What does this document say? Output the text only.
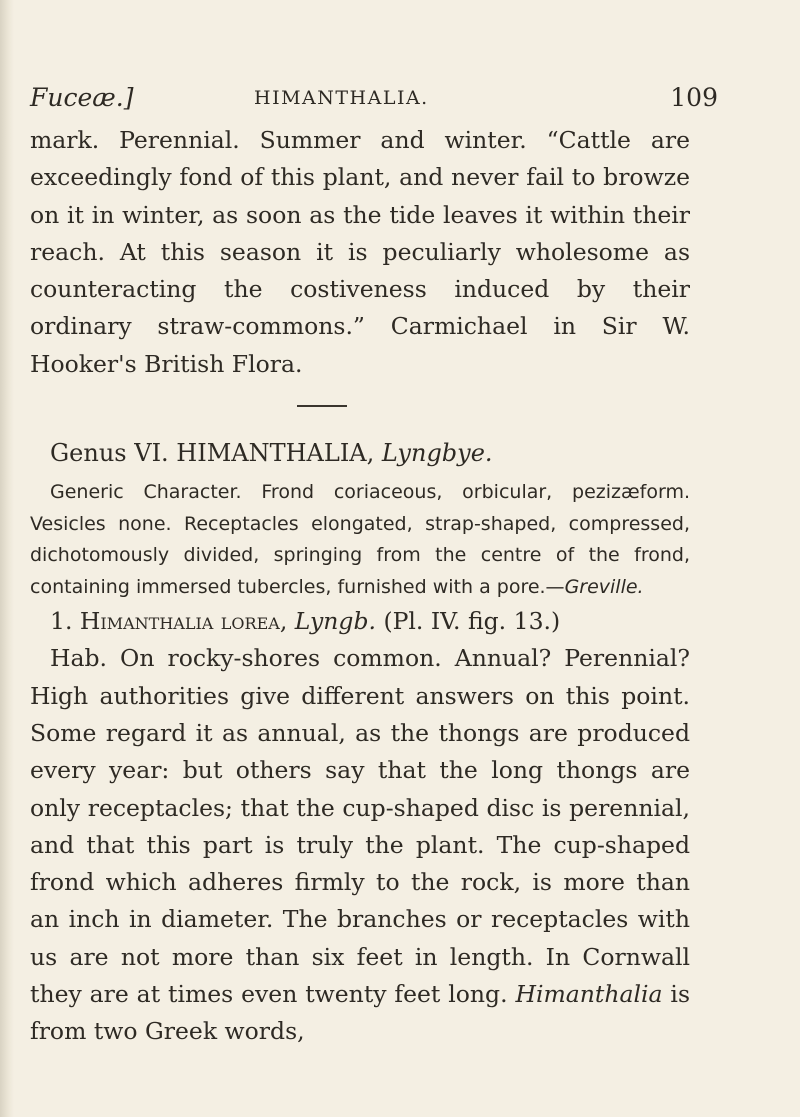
Fuceæ.]	HIMANTHALIA.	109

mark. Perennial. Summer and winter. “Cattle are exceedingly fond of this plant, and never fail to browze on it in winter, as soon as the tide leaves it within their reach. At this season it is peculiarly wholesome as counteracting the costiveness induced by their ordinary straw-commons.” Carmichael in Sir W. Hooker's British Flora.

Genus VI. HIMANTHALIA, Lyngbye.

Generic Character. Frond coriaceous, orbicular, pezizæform. Vesicles none. Receptacles elongated, strap-shaped, compressed, dichotomously divided, springing from the centre of the frond, containing immersed tubercles, furnished with a pore.—Greville.

1. Himanthalia lorea, Lyngb. (Pl. IV. fig. 13.)

Hab. On rocky-shores common. Annual? Perennial? High authorities give different answers on this point. Some regard it as annual, as the thongs are produced every year: but others say that the long thongs are only receptacles; that the cup-shaped disc is perennial, and that this part is truly the plant. The cup-shaped frond which adheres firmly to the rock, is more than an inch in diameter. The branches or receptacles with us are not more than six feet in length. In Cornwall they are at times even twenty feet long. Himanthalia is from two Greek words,
